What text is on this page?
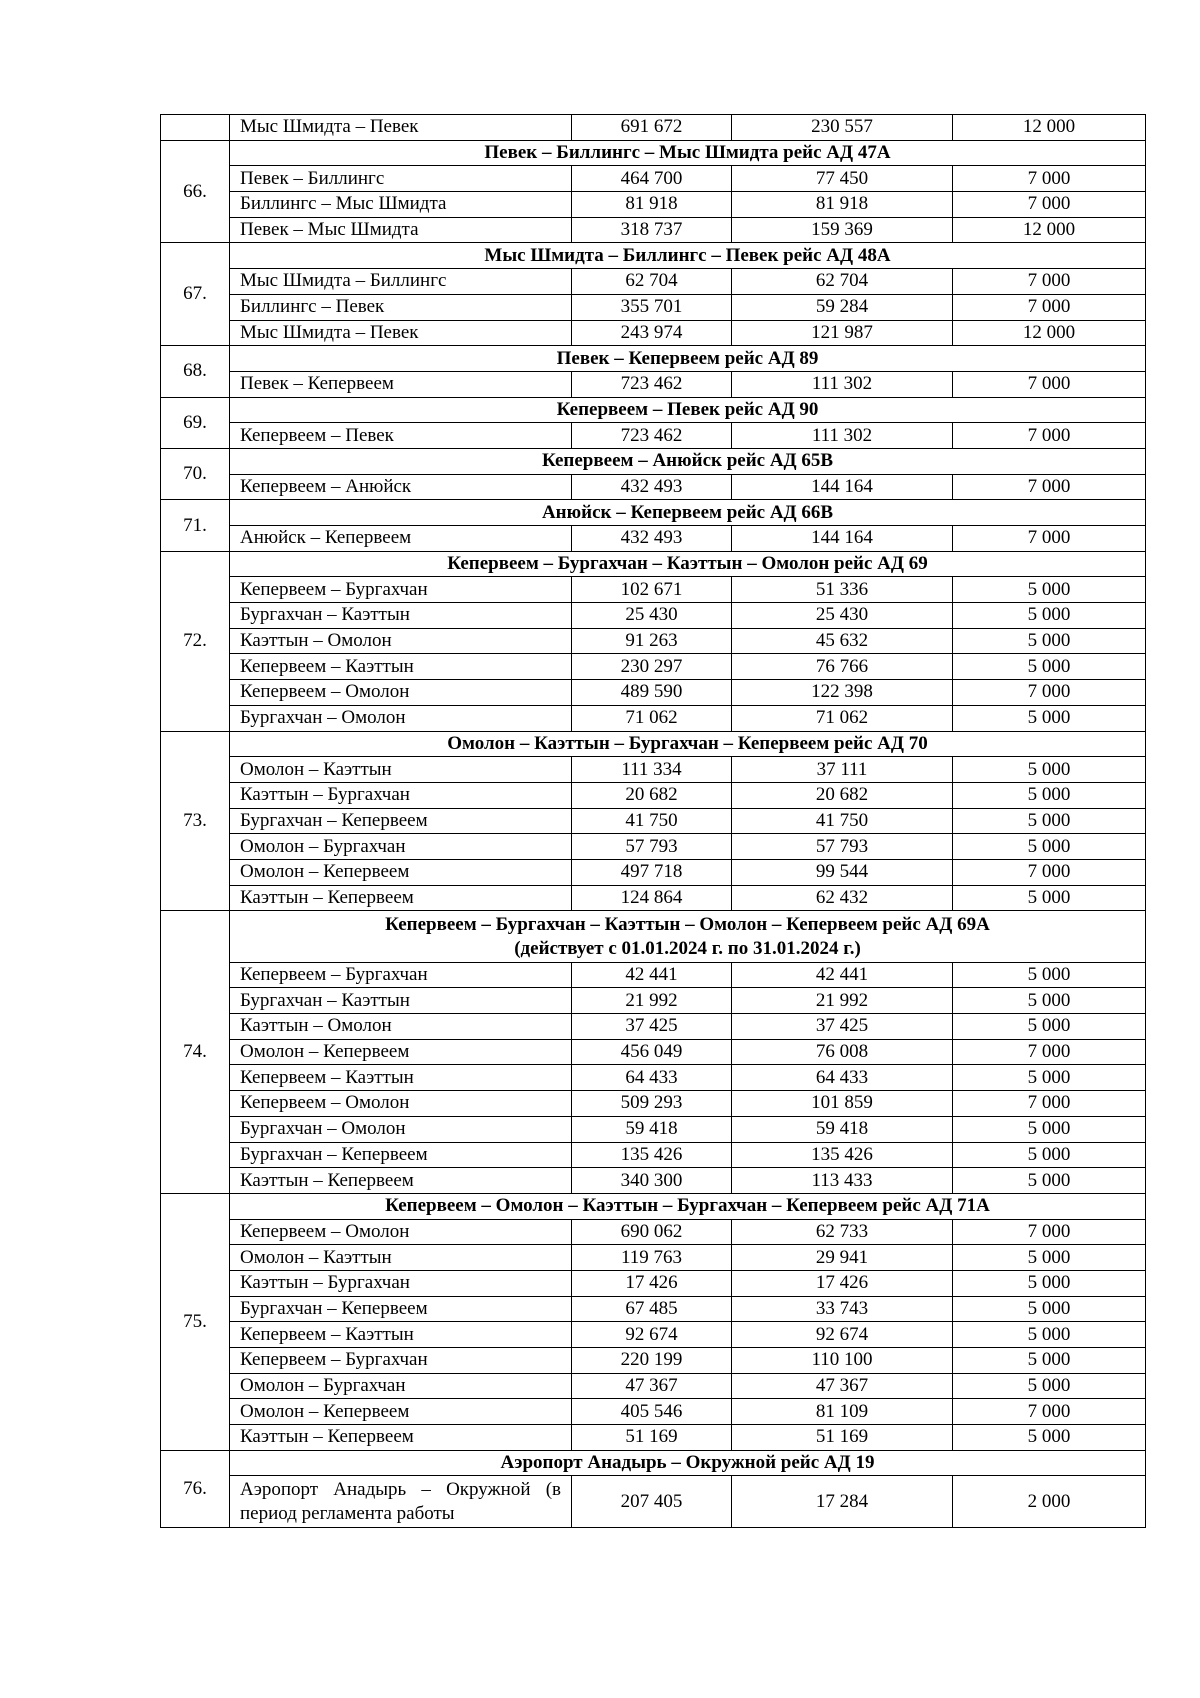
	Мыс Шмидта – Певек	691 672	230 557	12 000
66.	Певек – Биллингс – Мыс Шмидта рейс АД 47А			

	Певек – Биллингс	464 700	77 450	7 000
	Биллингс – Мыс Шмидта	81 918	81 918	7 000
	Певек – Мыс Шмидта	318 737	159 369	12 000
67.	Мыс Шмидта – Биллингс – Певек рейс АД 48А			

	Мыс Шмидта – Биллингс	62 704	62 704	7 000
	Биллингс – Певек	355 701	59 284	7 000
	Мыс Шмидта – Певек	243 974	121 987	12 000
68.	Певек – Кепервеем рейс АД 89			

	Певек – Кепервеем	723 462	111 302	7 000
69.	Кепервеем – Певек рейс АД 90			

	Кепервеем – Певек	723 462	111 302	7 000
70.	Кепервеем – Анюйск рейс АД 65В			

	Кепервеем – Анюйск	432 493	144 164	7 000
71.	Анюйск – Кепервеем рейс АД 66В			

	Анюйск – Кепервеем	432 493	144 164	7 000
72.	Кепервеем – Бургахчан – Каэттын – Омолон рейс АД 69			

	Кепервеем – Бургахчан	102 671	51 336	5 000
	Бургахчан – Каэттын	25 430	25 430	5 000
	Каэттын – Омолон	91 263	45 632	5 000
	Кепервеем – Каэттын	230 297	76 766	5 000
	Кепервеем – Омолон	489 590	122 398	7 000
	Бургахчан – Омолон	71 062	71 062	5 000
73.	Омолон – Каэттын – Бургахчан – Кепервеем рейс АД 70			

	Омолон – Каэттын	111 334	37 111	5 000
	Каэттын – Бургахчан	20 682	20 682	5 000
	Бургахчан – Кепервеем	41 750	41 750	5 000
	Омолон – Бургахчан	57 793	57 793	5 000
	Омолон – Кепервеем	497 718	99 544	7 000
	Каэттын – Кепервеем	124 864	62 432	5 000
74.	Кепервеем – Бургахчан – Каэттын – Омолон – Кепервеем рейс АД 69А
(действует с 01.01.2024 г. по 31.01.2024 г.)			

	Кепервеем – Бургахчан	42 441	42 441	5 000
	Бургахчан – Каэттын	21 992	21 992	5 000
	Каэттын – Омолон	37 425	37 425	5 000
	Омолон – Кепервеем	456 049	76 008	7 000
	Кепервеем – Каэттын	64 433	64 433	5 000
	Кепервеем – Омолон	509 293	101 859	7 000
	Бургахчан – Омолон	59 418	59 418	5 000
	Бургахчан – Кепервеем	135 426	135 426	5 000
	Каэттын – Кепервеем	340 300	113 433	5 000
75.	Кепервеем – Омолон – Каэттын – Бургахчан – Кепервеем рейс АД 71А			

	Кепервеем – Омолон	690 062	62 733	7 000
	Омолон – Каэттын	119 763	29 941	5 000
	Каэттын – Бургахчан	17 426	17 426	5 000
	Бургахчан – Кепервеем	67 485	33 743	5 000
	Кепервеем – Каэттын	92 674	92 674	5 000
	Кепервеем – Бургахчан	220 199	110 100	5 000
	Омолон – Бургахчан	47 367	47 367	5 000
	Омолон – Кепервеем	405 546	81 109	7 000
	Каэттын – Кепервеем	51 169	51 169	5 000
76.	Аэропорт Анадырь – Окружной рейс АД 19			

	Аэропорт Анадырь – Окружной (в период регламента работы	207 405	17 284	2 000
